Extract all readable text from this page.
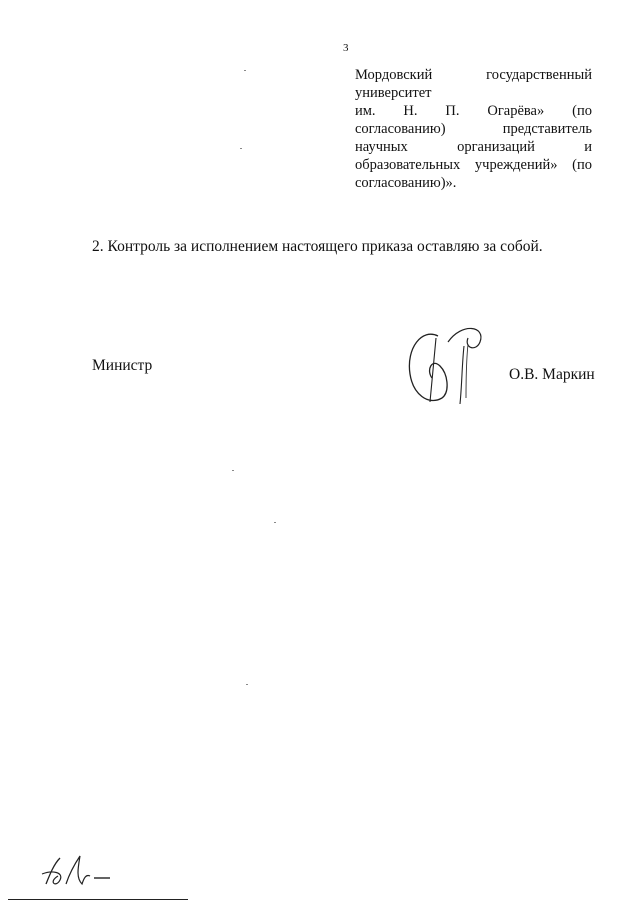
3
Мордовский	государственный
университет
им. Н. П. Огарёва» (по
согласованию)	представитель
научных	организаций	и
образовательных учреждений» (по
согласованию)».
2. Контроль за исполнением настоящего приказа оставляю за собой.
Министр
О.В. Маркин
